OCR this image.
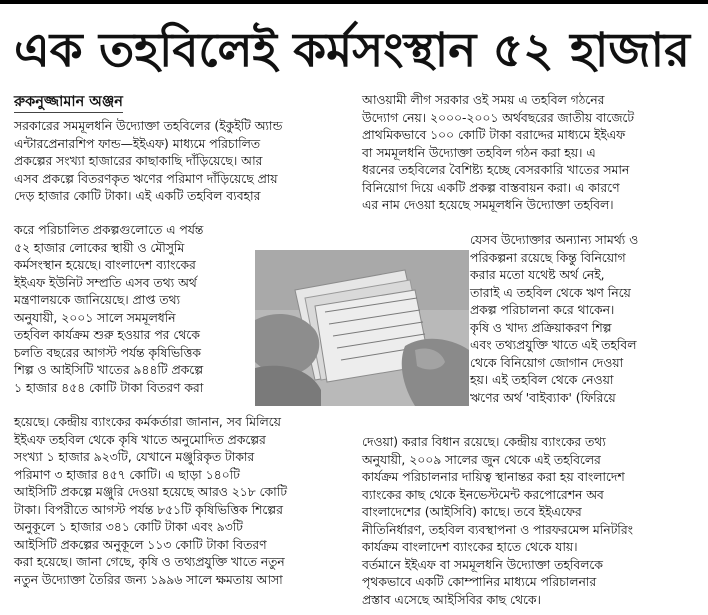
এক তহবিলেই কর্মসংস্থান ৫২ হাজার
রুকনুজ্জামান অঞ্জন
সরকারের সমমূলধনি উদ্যোক্তা তহবিলের (ইকুইটি অ্যান্ড
এন্টারপ্রেনারশিপ ফান্ড—ইইএফ) মাধ্যমে পরিচালিত
প্রকল্পের সংখ্যা হাজারের কাছাকাছি দাঁড়িয়েছে। আর
এসব প্রকল্পে বিতরণকৃত ঋণের পরিমাণ দাঁড়িয়েছে প্রায়
দেড় হাজার কোটি টাকা। এই একটি তহবিল ব্যবহার
করে পরিচালিত প্রকল্পগুলোতে এ পর্যন্ত
৫২ হাজার লোকের স্থায়ী ও মৌসুমি
কর্মসংস্থান হয়েছে। বাংলাদেশ ব্যাংকের
ইইএফ ইউনিট সম্প্রতি এসব তথ্য অর্থ
মন্ত্রণালয়কে জানিয়েছে। প্রাপ্ত তথ্য
অনুযায়ী, ২০০১ সালে সমমূলধনি
তহবিল কার্যক্রম শুরু হওয়ার পর থেকে
চলতি বছরের আগস্ট পর্যন্ত কৃষিভিত্তিক
শিল্প ও আইসিটি খাতের ৯৪৪টি প্রকল্পে
১ হাজার ৪৫৪ কোটি টাকা বিতরণ করা
হয়েছে। কেন্দ্রীয় ব্যাংকের কর্মকর্তারা জানান, সব মিলিয়ে
ইইএফ তহবিল থেকে কৃষি খাতে অনুমোদিত প্রকল্পের
সংখ্যা ১ হাজার ৯২৩টি, যেখানে মঞ্জুরিকৃত টাকার
পরিমাণ ৩ হাজার ৪৫৭ কোটি। এ ছাড়া ১৪০টি
আইসিটি প্রকল্পে মঞ্জুরি দেওয়া হয়েছে আরও ২১৮ কোটি
টাকা। বিপরীতে আগস্ট পর্যন্ত ৮৫১টি কৃষিভিত্তিক শিল্পের
অনুকূলে ১ হাজার ৩৪১ কোটি টাকা এবং ৯৩টি
আইসিটি প্রকল্পের অনুকূলে ১১৩ কোটি টাকা বিতরণ
করা হয়েছে। জানা গেছে, কৃষি ও তথ্যপ্রযুক্তি খাতে নতুন
নতুন উদ্যোক্তা তৈরির জন্য ১৯৯৬ সালে ক্ষমতায় আসা
আওয়ামী লীগ সরকার ওই সময় এ তহবিল গঠনের
উদ্যোগ নেয়। ২০০০-২০০১ অর্থবছরের জাতীয় বাজেটে
প্রাথমিকভাবে ১০০ কোটি টাকা বরাদ্দের মাধ্যমে ইইএফ
বা সমমূলধনি উদ্যোক্তা তহবিল গঠন করা হয়। এ
ধরনের তহবিলের বৈশিষ্ট্য হচ্ছে বেসরকারি খাতের সমান
বিনিয়োগ দিয়ে একটি প্রকল্প বাস্তবায়ন করা। এ কারণে
এর নাম দেওয়া হয়েছে সমমূলধনি উদ্যোক্তা তহবিল।
যেসব উদ্যোক্তার অন্যান্য সামর্থ্য ও
পরিকল্পনা রয়েছে কিন্তু বিনিয়োগ
করার মতো যথেষ্ট অর্থ নেই,
তারাই এ তহবিল থেকে ঋণ নিয়ে
প্রকল্প পরিচালনা করে থাকেন।
কৃষি ও খাদ্য প্রক্রিয়াকরণ শিল্প
এবং তথ্যপ্রযুক্তি খাতে এই তহবিল
থেকে বিনিয়োগ জোগান দেওয়া
হয়। এই তহবিল থেকে নেওয়া
ঋণের অর্থ 'বাইব্যাক' (ফিরিয়ে
দেওয়া) করার বিধান রয়েছে। কেন্দ্রীয় ব্যাংকের তথ্য
অনুযায়ী, ২০০৯ সালের জুন থেকে এই তহবিলের
কার্যক্রম পরিচালনার দায়িত্ব স্থানান্তর করা হয় বাংলাদেশ
ব্যাংকের কাছ থেকে ইনভেস্টমেন্ট করপোরেশন অব
বাংলাদেশের (আইসিবি) কাছে। তবে ইইএফের
নীতিনির্ধারণ, তহবিল ব্যবস্থাপনা ও পারফরমেন্স মনিটরিং
কার্যক্রম বাংলাদেশ ব্যাংকের হাতে থেকে যায়।
বর্তমানে ইইএফ বা সমমূলধনি উদ্যোক্তা তহবিলকে
পৃথকভাবে একটি কোম্পানির মাধ্যমে পরিচালনার
প্রস্তাব এসেছে আইসিবির কাছ থেকে।
